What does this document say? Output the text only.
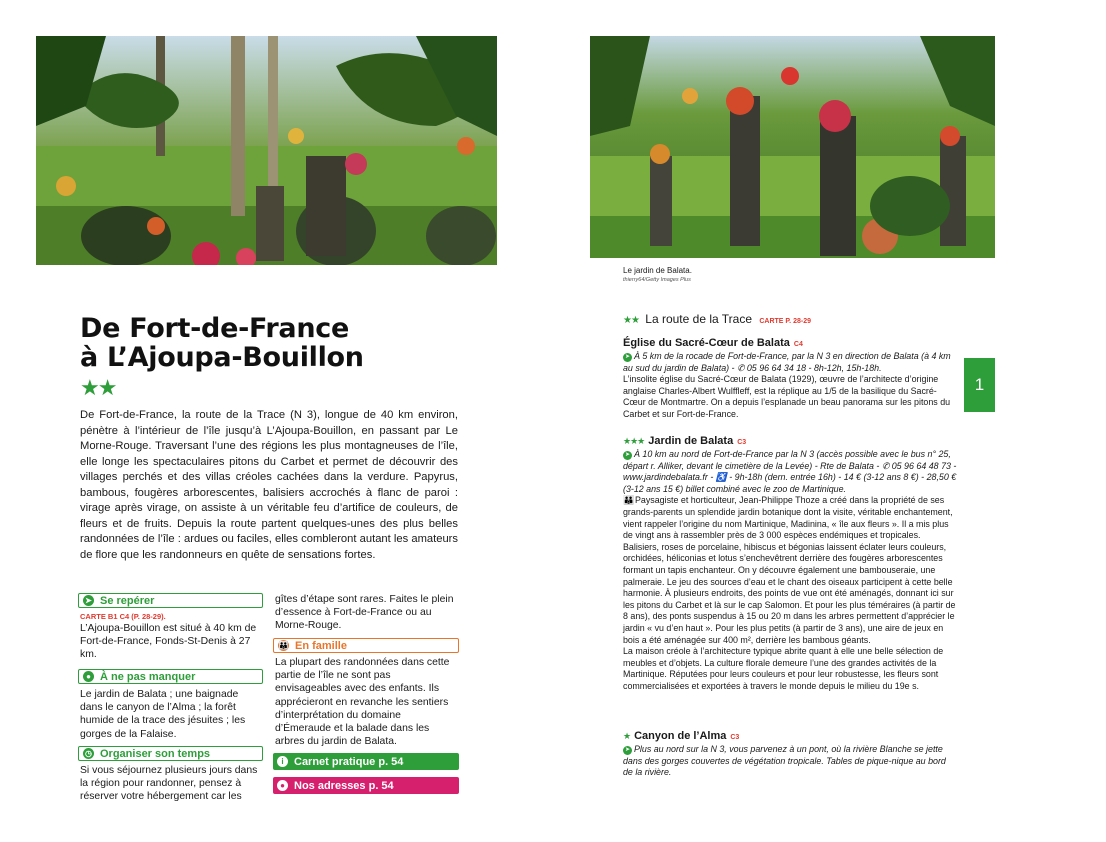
De Fort-de-France
à L’Ajoupa-Bouillon
★★
De Fort-de-France, la route de la Trace (N 3), longue de 40 km environ, pénètre à l’intérieur de l’île jusqu’à L’Ajoupa-Bouillon, en passant par Le Morne-Rouge. Traversant l’une des régions les plus montagneuses de l’île, elle longe les spectaculaires pitons du Carbet et permet de découvrir des villages perchés et des villas créoles cachées dans la verdure. Papyrus, bambous, fougères arborescentes, balisiers accrochés à flanc de paroi : virage après virage, on assiste à un véritable feu d’artifice de couleurs, de fleurs et de fruits. Depuis la route partent quelques-unes des plus belles randonnées de l’île : ardues ou faciles, elles combleront autant les amateurs de flore que les randonneurs en quête de sensations fortes.
➤ Se repérer
CARTE B1 C4 (P. 28-29).
L’Ajoupa-Bouillon est situé à 40 km de Fort-de-France, Fonds-St-Denis à 27 km.
● À ne pas manquer
Le jardin de Balata ; une baignade dans le canyon de l’Alma ; la forêt humide de la trace des jésuites ; les gorges de la Falaise.
◷ Organiser son temps
Si vous séjournez plusieurs jours dans la région pour randonner, pensez à réserver votre hébergement car les
gîtes d’étape sont rares. Faites le plein d’essence à Fort-de-France ou au Morne-Rouge.
👪 En famille
La plupart des randonnées dans cette partie de l’île ne sont pas envisageables avec des enfants. Ils apprécieront en revanche les sentiers d’interprétation du domaine d’Émeraude et la balade dans les arbres du jardin de Balata.
i Carnet pratique p. 54
● Nos adresses p. 54
Le jardin de Balata.
thierry64/Getty Images Plus
★★ La route de la Trace CARTE P. 28-29
Église du Sacré-Cœur de Balata C4
➤ À 5 km de la rocade de Fort-de-France, par la N 3 en direction de Balata (à 4 km au sud du jardin de Balata) - ✆ 05 96 64 34 18 - 8h-12h, 15h-18h.
L’insolite église du Sacré-Cœur de Balata (1929), œuvre de l’architecte d’origine anglaise Charles-Albert Wulffleff, est la réplique au 1/5 de la basilique du Sacré-Cœur de Montmartre. On a depuis l’esplanade un beau panorama sur les pitons du Carbet et sur Fort-de-France.
★★★ Jardin de Balata C3
➤ À 10 km au nord de Fort-de-France par la N 3 (accès possible avec le bus n° 25, départ r. Alliker, devant le cimetière de la Levée) - Rte de Balata - ✆ 05 96 64 48 73 - www.jardindebalata.fr - ♿ - 9h-18h (dern. entrée 16h) - 14 € (3-12 ans 8 €) - 28,50 € (3-12 ans 15 €) billet combiné avec le zoo de Martinique.
👪Paysagiste et horticulteur, Jean-Philippe Thoze a créé dans la propriété de ses grands-parents un splendide jardin botanique dont la visite, véritable enchantement, vient rappeler l’origine du nom Martinique, Madinina, « île aux fleurs ». Il a mis plus de vingt ans à rassembler près de 3 000 espèces endémiques et tropicales. Balisiers, roses de porcelaine, hibiscus et bégonias laissent éclater leurs couleurs, orchidées, héliconias et lotus s’enchevêtrent derrière des fougères arborescentes formant un tapis enchanteur. On y découvre également une bambouseraie, une palmeraie. Le jeu des sources d’eau et le chant des oiseaux participent à cette belle harmonie. À plusieurs endroits, des points de vue ont été aménagés, donnant ici sur les pitons du Carbet et là sur le cap Salomon. Et pour les plus téméraires (à partir de 8 ans), des ponts suspendus à 15 ou 20 m dans les arbres permettent d’apprécier le jardin « vu d’en haut ». Pour les plus petits (à partir de 3 ans), une aire de jeux en bois a été aménagée sur 400 m², derrière les bambous géants.
La maison créole à l’architecture typique abrite quant à elle une belle sélection de meubles et d’objets. La culture florale demeure l’une des grandes activités de la Martinique. Réputées pour leurs couleurs et pour leur robustesse, les fleurs sont commercialisées et exportées à travers le monde depuis le milieu du 19e s.
★ Canyon de l’Alma C3
➤ Plus au nord sur la N 3, vous parvenez à un pont, où la rivière Blanche se jette dans des gorges couvertes de végétation tropicale. Tables de pique-nique au bord de la rivière.
1
